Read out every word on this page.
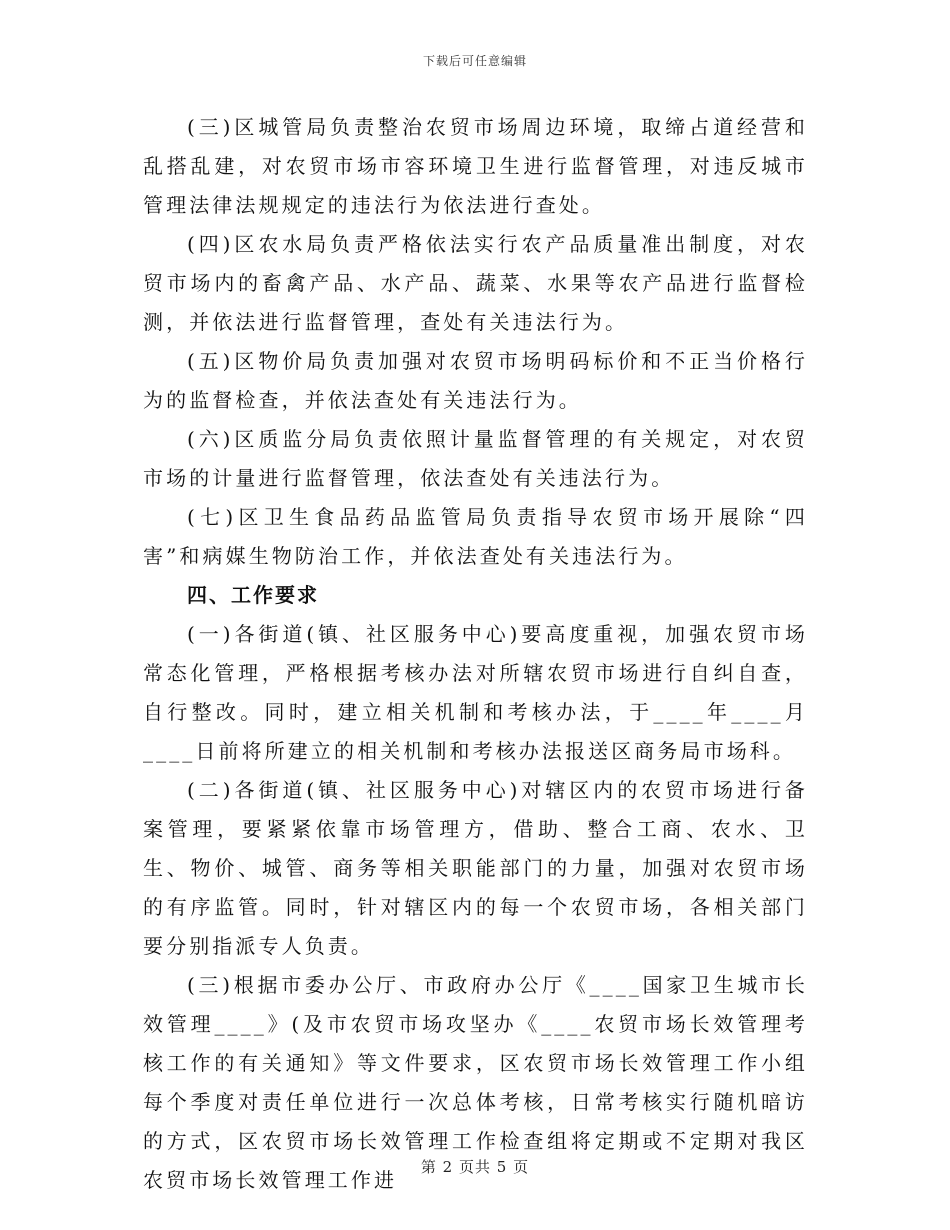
下载后可任意编辑

(三)区城管局负责整治农贸市场周边环境，取缔占道经营和乱搭乱建，对农贸市场市容环境卫生进行监督管理，对违反城市管理法律法规规定的违法行为依法进行查处。

(四)区农水局负责严格依法实行农产品质量准出制度，对农贸市场内的畜禽产品、水产品、蔬菜、水果等农产品进行监督检测，并依法进行监督管理，查处有关违法行为。

(五)区物价局负责加强对农贸市场明码标价和不正当价格行为的监督检查，并依法查处有关违法行为。

(六)区质监分局负责依照计量监督管理的有关规定，对农贸市场的计量进行监督管理，依法查处有关违法行为。

(七)区卫生食品药品监管局负责指导农贸市场开展除“四害”和病媒生物防治工作，并依法查处有关违法行为。

四、工作要求

(一)各街道(镇、社区服务中心)要高度重视，加强农贸市场常态化管理，严格根据考核办法对所辖农贸市场进行自纠自查，自行整改。同时，建立相关机制和考核办法，于____年____月____日前将所建立的相关机制和考核办法报送区商务局市场科。

(二)各街道(镇、社区服务中心)对辖区内的农贸市场进行备案管理，要紧紧依靠市场管理方，借助、整合工商、农水、卫生、物价、城管、商务等相关职能部门的力量，加强对农贸市场的有序监管。同时，针对辖区内的每一个农贸市场，各相关部门要分别指派专人负责。

(三)根据市委办公厅、市政府办公厅《____国家卫生城市长效管理____》(及市农贸市场攻坚办《____农贸市场长效管理考核工作的有关通知》等文件要求，区农贸市场长效管理工作小组每个季度对责任单位进行一次总体考核，日常考核实行随机暗访的方式，区农贸市场长效管理工作检查组将定期或不定期对我区农贸市场长效管理工作进

第 2 页共 5 页
